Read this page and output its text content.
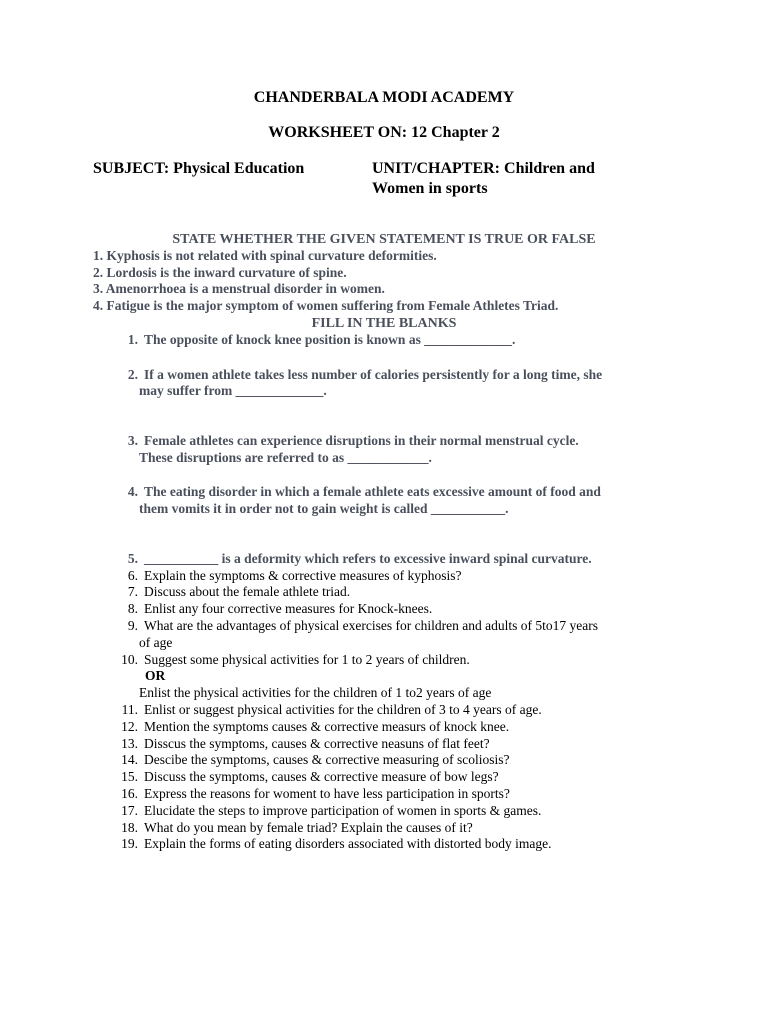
CHANDERBALA MODI ACADEMY
WORKSHEET ON: 12 Chapter 2
SUBJECT: Physical Education	UNIT/CHAPTER: Children and
Women in sports
STATE WHETHER THE GIVEN STATEMENT IS TRUE OR FALSE
1. Kyphosis is not related with spinal curvature deformities.
2. Lordosis is the inward curvature of spine.
3. Amenorrhoea is a menstrual disorder in women.
4. Fatigue is the major symptom of women suffering from Female Athletes Triad.
FILL IN THE BLANKS
1. The opposite of knock knee position is known as _____________.
2. If a women athlete takes less number of calories persistently for a long time, she
may suffer from _____________.
3. Female athletes can experience disruptions in their normal menstrual cycle.
These disruptions are referred to as ____________.
4. The eating disorder in which a female athlete eats excessive amount of food and
them vomits it in order not to gain weight is called ___________.
5. ___________ is a deformity which refers to excessive inward spinal curvature.
6. Explain the symptoms & corrective measures of kyphosis?
7. Discuss about the female athlete triad.
8. Enlist any four corrective measures for Knock-knees.
9. What are the advantages of physical exercises for children and adults of 5to17 years
of age
10. Suggest some physical activities for 1 to 2 years of children.
OR
Enlist the physical activities for the children of 1 to2 years of age
11. Enlist or suggest physical activities for the children of 3 to 4 years of age.
12. Mention the symptoms causes & corrective measurs of knock knee.
13. Disscus the symptoms, causes & corrective neasuns of flat feet?
14. Descibe the symptoms, causes & corrective measuring of scoliosis?
15. Discuss the symptoms, causes & corrective measure of bow legs?
16. Express the reasons for woment to have less participation in sports?
17. Elucidate the steps to improve participation of women in sports & games.
18. What do you mean by female triad? Explain the causes of it?
19. Explain the forms of eating disorders associated with distorted body image.
